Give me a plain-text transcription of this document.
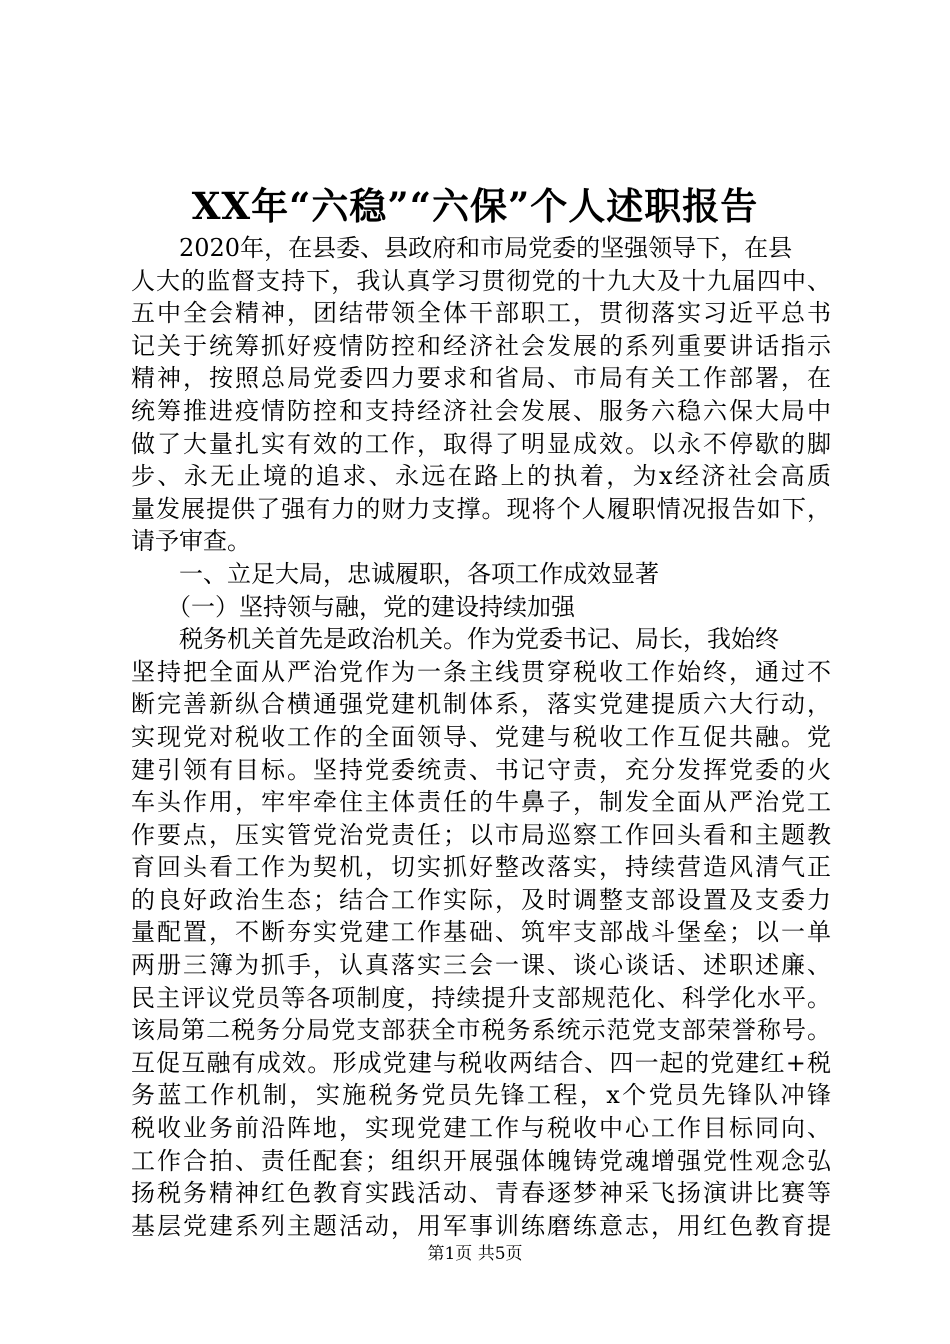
XX年“六稳”“六保”个人述职报告
　　2020年，在县委、县政府和市局党委的坚强领导下，在县
人大的监督支持下，我认真学习贯彻党的十九大及十九届四中、
五中全会精神，团结带领全体干部职工，贯彻落实习近平总书
记关于统筹抓好疫情防控和经济社会发展的系列重要讲话指示
精神，按照总局党委四力要求和省局、市局有关工作部署，在
统筹推进疫情防控和支持经济社会发展、服务六稳六保大局中
做了大量扎实有效的工作，取得了明显成效。以永不停歇的脚
步、永无止境的追求、永远在路上的执着，为x经济社会高质
量发展提供了强有力的财力支撑。现将个人履职情况报告如下，
请予审查。
　　一、立足大局，忠诚履职，各项工作成效显著
　　（一）坚持领与融，党的建设持续加强
　　税务机关首先是政治机关。作为党委书记、局长，我始终
坚持把全面从严治党作为一条主线贯穿税收工作始终，通过不
断完善新纵合横通强党建机制体系，落实党建提质六大行动，
实现党对税收工作的全面领导、党建与税收工作互促共融。党
建引领有目标。坚持党委统责、书记守责，充分发挥党委的火
车头作用，牢牢牵住主体责任的牛鼻子，制发全面从严治党工
作要点，压实管党治党责任；以市局巡察工作回头看和主题教
育回头看工作为契机，切实抓好整改落实，持续营造风清气正
的良好政治生态；结合工作实际，及时调整支部设置及支委力
量配置，不断夯实党建工作基础、筑牢支部战斗堡垒；以一单
两册三簿为抓手，认真落实三会一课、谈心谈话、述职述廉、
民主评议党员等各项制度，持续提升支部规范化、科学化水平。
该局第二税务分局党支部获全市税务系统示范党支部荣誉称号。
互促互融有成效。形成党建与税收两结合、四一起的党建红+税
务蓝工作机制，实施税务党员先锋工程，x个党员先锋队冲锋
税收业务前沿阵地，实现党建工作与税收中心工作目标同向、
工作合拍、责任配套；组织开展强体魄铸党魂增强党性观念弘
扬税务精神红色教育实践活动、青春逐梦神采飞扬演讲比赛等
基层党建系列主题活动，用军事训练磨练意志，用红色教育提
第1页 共5页
